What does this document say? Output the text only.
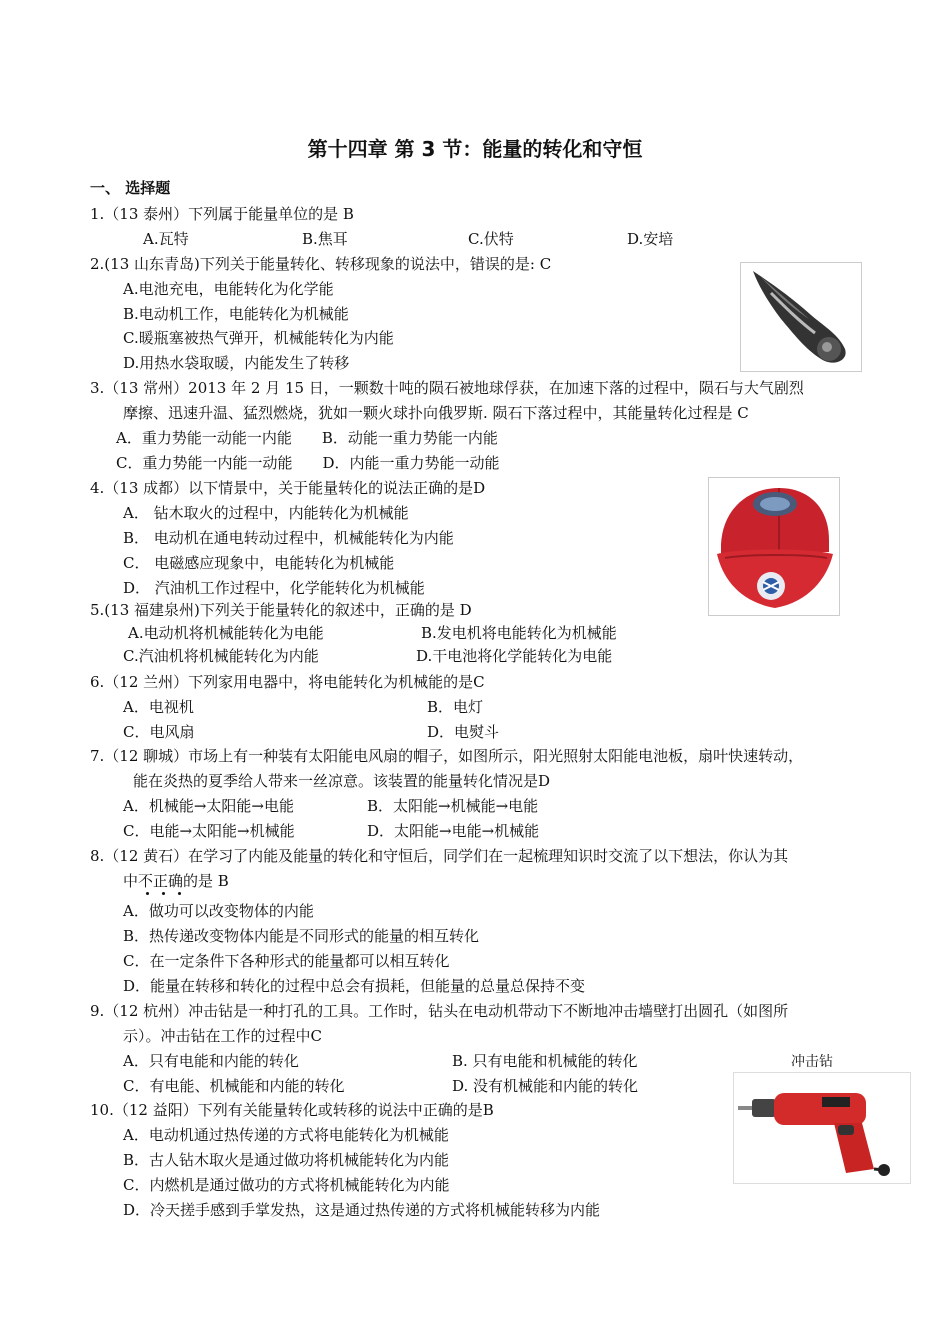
第十四章 第 3 节：能量的转化和守恒
一、 选择题
1.（13 泰州）下列属于能量单位的是 B
A.瓦特	B.焦耳	C.伏特	D.安培
2.(13 山东青岛)下列关于能量转化、转移现象的说法中，错误的是: C
A.电池充电，电能转化为化学能
B.电动机工作，电能转化为机械能
C.暖瓶塞被热气弹开，机械能转化为内能
D.用热水袋取暖，内能发生了转移
3.（13 常州）2013 年 2 月 15 日，一颗数十吨的陨石被地球俘获，在加速下落的过程中，陨石与大气剧烈
摩擦、迅速升温、猛烈燃烧，犹如一颗火球扑向俄罗斯. 陨石下落过程中，其能量转化过程是 C
A．重力势能一动能一内能　　B．动能一重力势能一内能
C．重力势能一内能一动能　　D．内能一重力势能一动能
4.（13 成都）以下情景中，关于能量转化的说法正确的是D
A． 钻木取火的过程中，内能转化为机械能
B． 电动机在通电转动过程中，机械能转化为内能
C． 电磁感应现象中，电能转化为机械能
D． 汽油机工作过程中，化学能转化为机械能
5.(13 福建泉州)下列关于能量转化的叙述中，正确的是 D
A.电动机将机械能转化为电能	B.发电机将电能转化为机械能
C.汽油机将机械能转化为内能	D.干电池将化学能转化为电能
6.（12 兰州）下列家用电器中，将电能转化为机械能的是C
A．电视机	B．电灯
C．电风扇	D．电熨斗
7.（12 聊城）市场上有一种装有太阳能电风扇的帽子，如图所示，阳光照射太阳能电池板，扇叶快速转动，
能在炎热的夏季给人带来一丝凉意。该装置的能量转化情况是D
A．机械能→太阳能→电能	B．太阳能→机械能→电能
C．电能→太阳能→机械能	D．太阳能→电能→机械能
8.（12 黄石）在学习了内能及能量的转化和守恒后，同学们在一起梳理知识时交流了以下想法，你认为其
中不正确的是 B
A．做功可以改变物体的内能
B．热传递改变物体内能是不同形式的能量的相互转化
C．在一定条件下各种形式的能量都可以相互转化
D．能量在转移和转化的过程中总会有损耗，但能量的总量总保持不变
9.（12 杭州）冲击钻是一种打孔的工具。工作时，钻头在电动机带动下不断地冲击墙壁打出圆孔（如图所
示）。冲击钻在工作的过程中C
A．只有电能和内能的转化	B. 只有电能和机械能的转化
C．有电能、机械能和内能的转化	D. 没有机械能和内能的转化
冲击钻
10.（12 益阳）下列有关能量转化或转移的说法中正确的是B
A．电动机通过热传递的方式将电能转化为机械能
B．古人钻木取火是通过做功将机械能转化为内能
C．内燃机是通过做功的方式将机械能转化为内能
D．冷天搓手感到手掌发热，这是通过热传递的方式将机械能转移为内能
